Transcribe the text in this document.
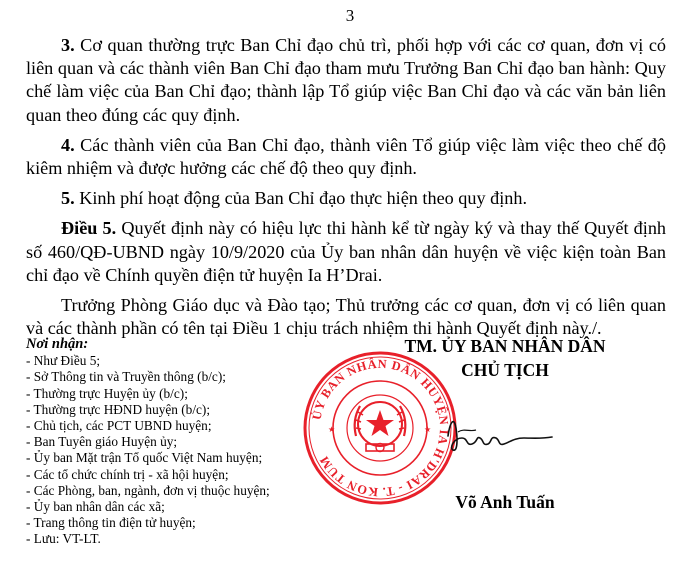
3

3. Cơ quan thường trực Ban Chỉ đạo chủ trì, phối hợp với các cơ quan, đơn vị có liên quan và các thành viên Ban Chỉ đạo tham mưu Trưởng Ban Chỉ đạo ban hành: Quy chế làm việc của Ban Chỉ đạo; thành lập Tổ giúp việc Ban Chỉ đạo và các văn bản liên quan theo đúng các quy định.

4. Các thành viên của Ban Chỉ đạo, thành viên Tổ giúp việc làm việc theo chế độ kiêm nhiệm và được hưởng các chế độ theo quy định.

5. Kinh phí hoạt động của Ban Chỉ đạo thực hiện theo quy định.

Điều 5. Quyết định này có hiệu lực thi hành kể từ ngày ký và thay thế Quyết định số 460/QĐ-UBND ngày 10/9/2020 của Ủy ban nhân dân huyện về việc kiện toàn Ban chỉ đạo về Chính quyền điện tử huyện Ia H’Drai.

Trưởng Phòng Giáo dục và Đào tạo; Thủ trưởng các cơ quan, đơn vị có liên quan và các thành phần có tên tại Điều 1 chịu trách nhiệm thi hành Quyết định này./.

Nơi nhận:
- Như Điều 5;
- Sở Thông tin và Truyền thông (b/c);
- Thường trực Huyện ủy (b/c);
- Thường trực HĐND huyện (b/c);
- Chủ tịch, các PCT UBND huyện;
- Ban Tuyên giáo Huyện ủy;
- Ủy ban Mặt trận Tổ quốc Việt Nam huyện;
- Các tổ chức chính trị - xã hội huyện;
- Các Phòng, ban, ngành, đơn vị thuộc huyện;
- Ủy ban nhân dân các xã;
- Trang thông tin điện tử huyện;
- Lưu: VT-LT.
TM. ỦY BAN NHÂN DÂN
CHỦ TỊCH
ỦY BAN NHÂN DÂN HUYỆN IA H'DRAI - T. KON TUM
★	★
Võ Anh Tuấn
